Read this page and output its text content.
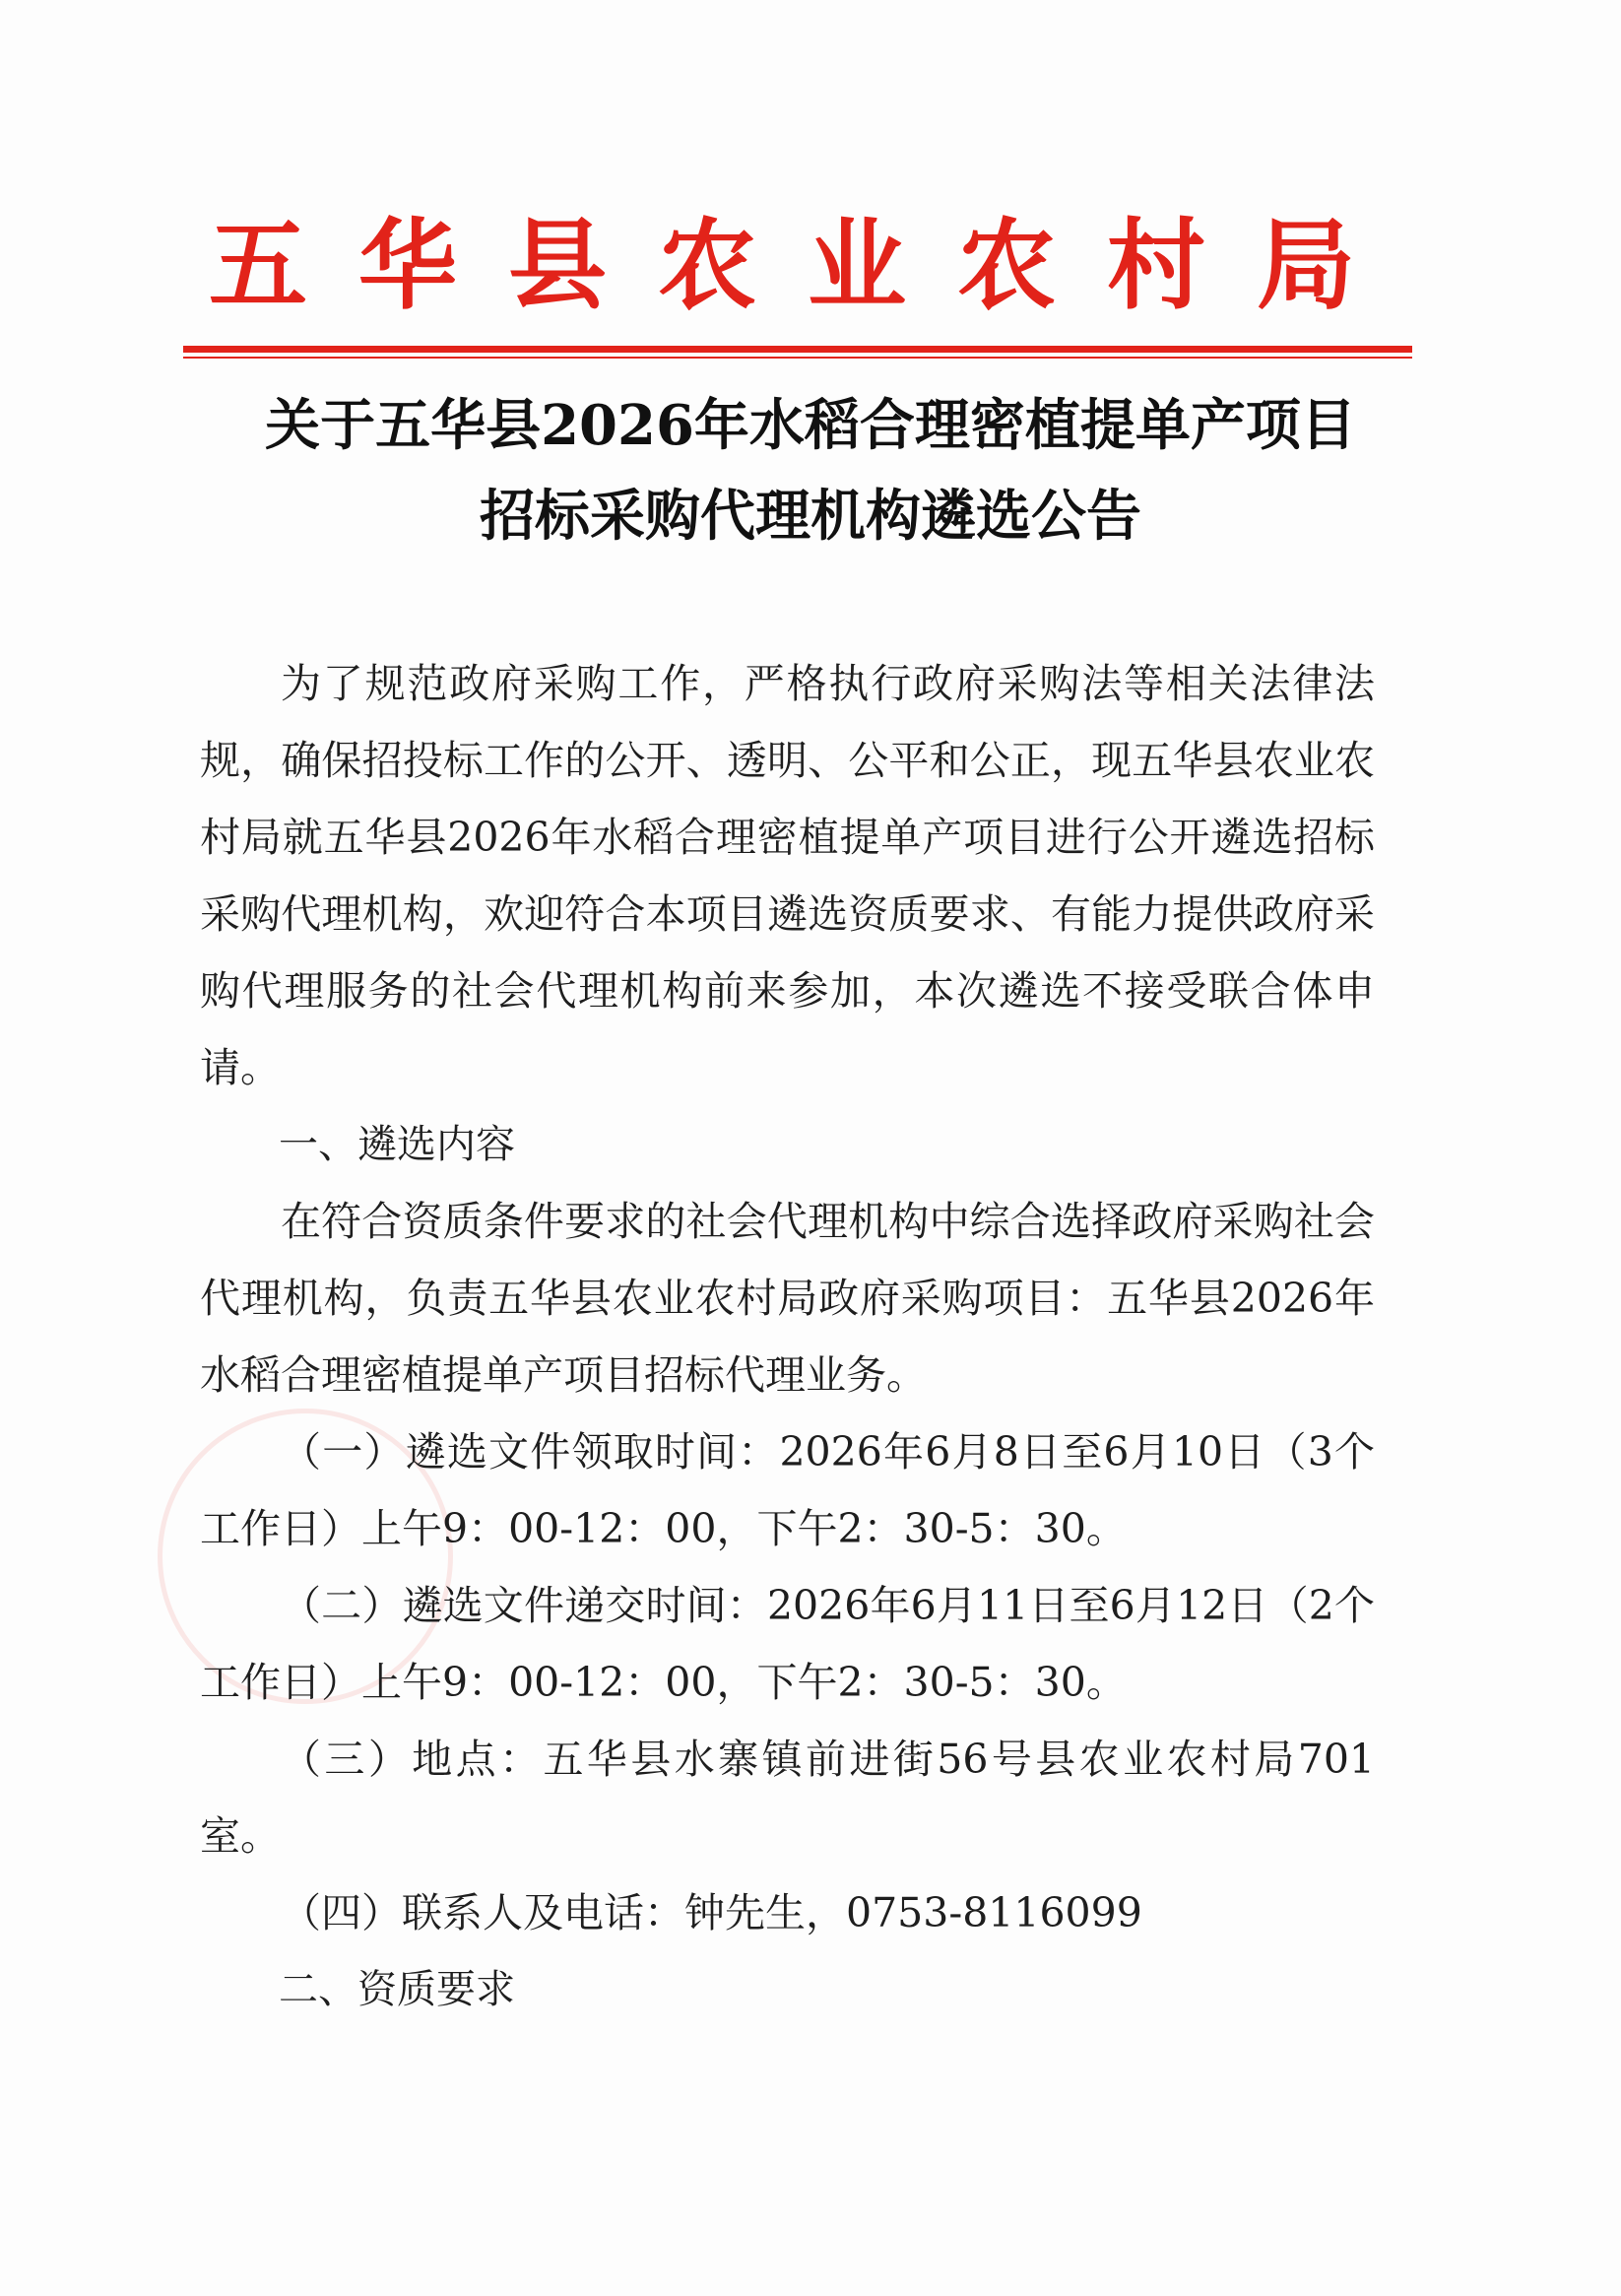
五华县农业农村局
关于五华县2026年水稻合理密植提单产项目
招标采购代理机构遴选公告

为了规范政府采购工作，严格执行政府采购法等相关法律法规，确保招投标工作的公开、透明、公平和公正，现五华县农业农村局就五华县2026年水稻合理密植提单产项目进行公开遴选招标采购代理机构，欢迎符合本项目遴选资质要求、有能力提供政府采购代理服务的社会代理机构前来参加，本次遴选不接受联合体申请。

一、遴选内容

在符合资质条件要求的社会代理机构中综合选择政府采购社会代理机构，负责五华县农业农村局政府采购项目：五华县2026年水稻合理密植提单产项目招标代理业务。

（一）遴选文件领取时间：2026年6月8日至6月10日（3个工作日）上午9：00-12：00，下午2：30-5：30。

（二）遴选文件递交时间：2026年6月11日至6月12日（2个工作日）上午9：00-12：00，下午2：30-5：30。

（三）地点：五华县水寨镇前进街56号县农业农村局701室。

（四）联系人及电话：钟先生，0753-8116099

二、资质要求
